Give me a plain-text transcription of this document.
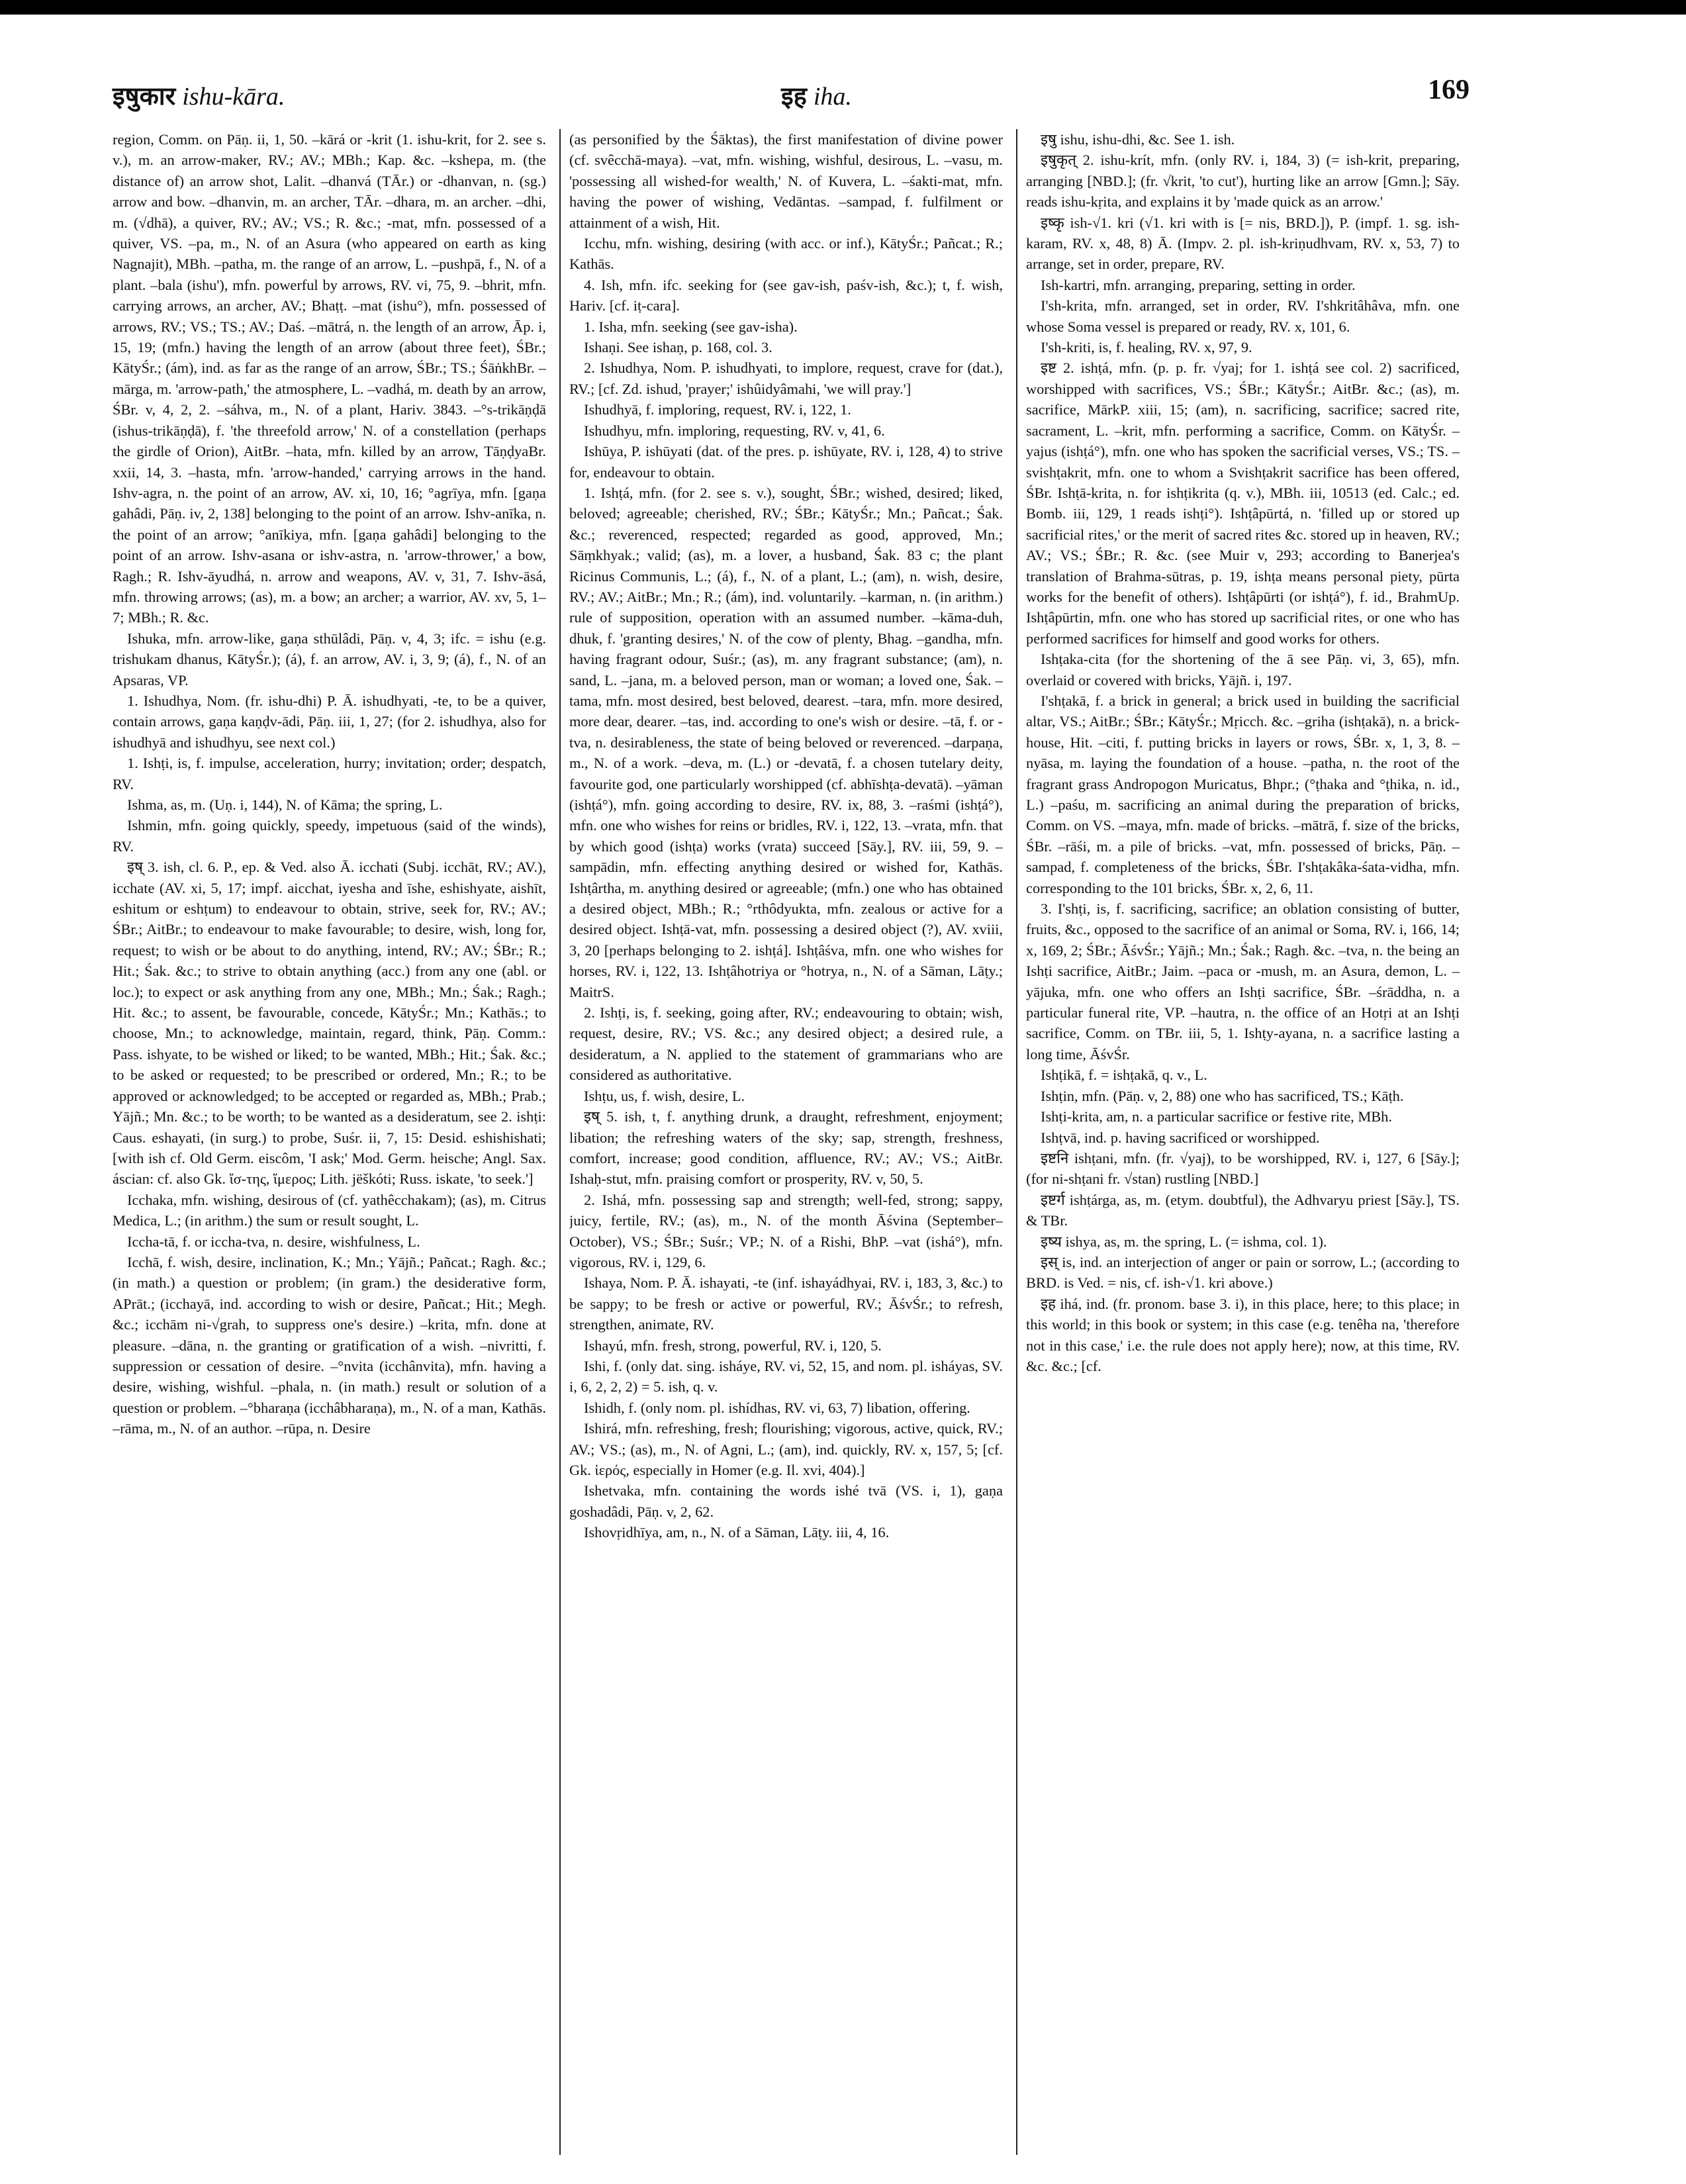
इषुकार ishu-kāra.	इह iha.	169

region, Comm. on Pāṇ. ii, 1, 50. –kārá or -krit (1. ishu-krit, for 2. see s. v.), m. an arrow-maker, RV.; AV.; MBh.; Kap. &c. –kshepa, m. (the distance of) an arrow shot, Lalit. –dhanvá (TĀr.) or -dhanvan, n. (sg.) arrow and bow. –dhanvin, m. an archer, TĀr. –dhara, m. an archer. –dhi, m. (√dhā), a quiver, RV.; AV.; VS.; R. &c.; -mat, mfn. possessed of a quiver, VS. –pa, m., N. of an Asura (who appeared on earth as king Nagnajit), MBh. –patha, m. the range of an arrow, L. –pushpā, f., N. of a plant. –bala (ishu'), mfn. powerful by arrows, RV. vi, 75, 9. –bhrit, mfn. carrying arrows, an archer, AV.; Bhaṭṭ. –mat (ishu°), mfn. possessed of arrows, RV.; VS.; TS.; AV.; Daś. –mātrá, n. the length of an arrow, Āp. i, 15, 19; (mfn.) having the length of an arrow (about three feet), ŚBr.; KātyŚr.; (ám), ind. as far as the range of an arrow, ŚBr.; TS.; ŚāṅkhBr. –mārga, m. 'arrow-path,' the atmosphere, L. –vadhá, m. death by an arrow, ŚBr. v, 4, 2, 2. –sáhva, m., N. of a plant, Hariv. 3843. –°s-trikāṇḍā (ishus-trikāṇḍā), f. 'the threefold arrow,' N. of a constellation (perhaps the girdle of Orion), AitBr. –hata, mfn. killed by an arrow, TāṇḍyaBr. xxii, 14, 3. –hasta, mfn. 'arrow-handed,' carrying arrows in the hand. Ishv-agra, n. the point of an arrow, AV. xi, 10, 16; °agrīya, mfn. [gaṇa gahâdi, Pāṇ. iv, 2, 138] belonging to the point of an arrow. Ishv-anīka, n. the point of an arrow; °anīkiya, mfn. [gaṇa gahâdi] belonging to the point of an arrow. Ishv-asana or ishv-astra, n. 'arrow-thrower,' a bow, Ragh.; R. Ishv-āyudhá, n. arrow and weapons, AV. v, 31, 7. Ishv-āsá, mfn. throwing arrows; (as), m. a bow; an archer; a warrior, AV. xv, 5, 1–7; MBh.; R. &c.

Ishuka, mfn. arrow-like, gaṇa sthūlâdi, Pāṇ. v, 4, 3; ifc. = ishu (e.g. trishukam dhanus, KātyŚr.); (á), f. an arrow, AV. i, 3, 9; (á), f., N. of an Apsaras, VP.

1. Ishudhya, Nom. (fr. ishu-dhi) P. Ā. ishudhyati, -te, to be a quiver, contain arrows, gaṇa kaṇḍv-ādi, Pāṇ. iii, 1, 27; (for 2. ishudhya, also for ishudhyā and ishudhyu, see next col.)

1. Ishṭi, is, f. impulse, acceleration, hurry; invitation; order; despatch, RV.

Ishma, as, m. (Uṇ. i, 144), N. of Kāma; the spring, L.

Ishmin, mfn. going quickly, speedy, impetuous (said of the winds), RV.

इष् 3. ish, cl. 6. P., ep. & Ved. also Ā. icchati (Subj. icchāt, RV.; AV.), icchate (AV. xi, 5, 17; impf. aicchat, iyesha and īshe, eshishyate, aishīt, eshitum or eshṭum) to endeavour to obtain, strive, seek for, RV.; AV.; ŚBr.; AitBr.; to endeavour to make favourable; to desire, wish, long for, request; to wish or be about to do anything, intend, RV.; AV.; ŚBr.; R.; Hit.; Śak. &c.; to strive to obtain anything (acc.) from any one (abl. or loc.); to expect or ask anything from any one, MBh.; Mn.; Śak.; Ragh.; Hit. &c.; to assent, be favourable, concede, KātyŚr.; Mn.; Kathās.; to choose, Mn.; to acknowledge, maintain, regard, think, Pāṇ. Comm.: Pass. ishyate, to be wished or liked; to be wanted, MBh.; Hit.; Śak. &c.; to be asked or requested; to be prescribed or ordered, Mn.; R.; to be approved or acknowledged; to be accepted or regarded as, MBh.; Prab.; Yājñ.; Mn. &c.; to be worth; to be wanted as a desideratum, see 2. ishṭi: Caus. eshayati, (in surg.) to probe, Suśr. ii, 7, 15: Desid. eshishishati; [with ish cf. Old Germ. eiscôm, 'I ask;' Mod. Germ. heische; Angl. Sax. áscian: cf. also Gk. ἴσ-της, ἵμερος; Lith. jëškóti; Russ. iskate, 'to seek.']

Icchaka, mfn. wishing, desirous of (cf. yathêcchakam); (as), m. Citrus Medica, L.; (in arithm.) the sum or result sought, L.

Iccha-tā, f. or iccha-tva, n. desire, wishfulness, L.

Icchā, f. wish, desire, inclination, K.; Mn.; Yājñ.; Pañcat.; Ragh. &c.; (in math.) a question or problem; (in gram.) the desiderative form, APrāt.; (icchayā, ind. according to wish or desire, Pañcat.; Hit.; Megh. &c.; icchām ni-√grah, to suppress one's desire.) –krita, mfn. done at pleasure. –dāna, n. the granting or gratification of a wish. –nivritti, f. suppression or cessation of desire. –°nvita (icchânvita), mfn. having a desire, wishing, wishful. –phala, n. (in math.) result or solution of a question or problem. –°bharaṇa (icchâbharaṇa), m., N. of a man, Kathās. –rāma, m., N. of an author. –rūpa, n. Desire

(as personified by the Śāktas), the first manifestation of divine power (cf. svêcchā-maya). –vat, mfn. wishing, wishful, desirous, L. –vasu, m. 'possessing all wished-for wealth,' N. of Kuvera, L. –śakti-mat, mfn. having the power of wishing, Vedāntas. –sampad, f. fulfilment or attainment of a wish, Hit.

Icchu, mfn. wishing, desiring (with acc. or inf.), KātyŚr.; Pañcat.; R.; Kathās.

4. Ish, mfn. ifc. seeking for (see gav-ish, paśv-ish, &c.); t, f. wish, Hariv. [cf. iṭ-cara].

1. Isha, mfn. seeking (see gav-isha).

Ishaṇi. See ishaṇ, p. 168, col. 3.

2. Ishudhya, Nom. P. ishudhyati, to implore, request, crave for (dat.), RV.; [cf. Zd. ishud, 'prayer;' ishûidyâmahi, 'we will pray.']

Ishudhyā, f. imploring, request, RV. i, 122, 1.

Ishudhyu, mfn. imploring, requesting, RV. v, 41, 6.

Ishūya, P. ishūyati (dat. of the pres. p. ishūyate, RV. i, 128, 4) to strive for, endeavour to obtain.

1. Ishṭá, mfn. (for 2. see s. v.), sought, ŚBr.; wished, desired; liked, beloved; agreeable; cherished, RV.; ŚBr.; KātyŚr.; Mn.; Pañcat.; Śak. &c.; reverenced, respected; regarded as good, approved, Mn.; Sāṃkhyak.; valid; (as), m. a lover, a husband, Śak. 83 c; the plant Ricinus Communis, L.; (á), f., N. of a plant, L.; (am), n. wish, desire, RV.; AV.; AitBr.; Mn.; R.; (ám), ind. voluntarily. –karman, n. (in arithm.) rule of supposition, operation with an assumed number. –kāma-duh, dhuk, f. 'granting desires,' N. of the cow of plenty, Bhag. –gandha, mfn. having fragrant odour, Suśr.; (as), m. any fragrant substance; (am), n. sand, L. –jana, m. a beloved person, man or woman; a loved one, Śak. –tama, mfn. most desired, best beloved, dearest. –tara, mfn. more desired, more dear, dearer. –tas, ind. according to one's wish or desire. –tā, f. or -tva, n. desirableness, the state of being beloved or reverenced. –darpaṇa, m., N. of a work. –deva, m. (L.) or -devatā, f. a chosen tutelary deity, favourite god, one particularly worshipped (cf. abhīshṭa-devatā). –yāman (ishṭá°), mfn. going according to desire, RV. ix, 88, 3. –raśmi (ishṭá°), mfn. one who wishes for reins or bridles, RV. i, 122, 13. –vrata, mfn. that by which good (ishṭa) works (vrata) succeed [Sāy.], RV. iii, 59, 9. –sampādin, mfn. effecting anything desired or wished for, Kathās. Ishṭârtha, m. anything desired or agreeable; (mfn.) one who has obtained a desired object, MBh.; R.; °rthôdyukta, mfn. zealous or active for a desired object. Ishṭā-vat, mfn. possessing a desired object (?), AV. xviii, 3, 20 [perhaps belonging to 2. ishṭá]. Ishṭâśva, mfn. one who wishes for horses, RV. i, 122, 13. Ishṭâhotriya or °hotrya, n., N. of a Sāman, Lāṭy.; MaitrS.

2. Ishṭi, is, f. seeking, going after, RV.; endeavouring to obtain; wish, request, desire, RV.; VS. &c.; any desired object; a desired rule, a desideratum, a N. applied to the statement of grammarians who are considered as authoritative.

Ishṭu, us, f. wish, desire, L.

इष् 5. ish, t, f. anything drunk, a draught, refreshment, enjoyment; libation; the refreshing waters of the sky; sap, strength, freshness, comfort, increase; good condition, affluence, RV.; AV.; VS.; AitBr. Ishaḥ-stut, mfn. praising comfort or prosperity, RV. v, 50, 5.

2. Ishá, mfn. possessing sap and strength; well-fed, strong; sappy, juicy, fertile, RV.; (as), m., N. of the month Āśvina (September–October), VS.; ŚBr.; Suśr.; VP.; N. of a Rishi, BhP. –vat (ishá°), mfn. vigorous, RV. i, 129, 6.

Ishaya, Nom. P. Ā. ishayati, -te (inf. ishayádhyai, RV. i, 183, 3, &c.) to be sappy; to be fresh or active or powerful, RV.; ĀśvŚr.; to refresh, strengthen, animate, RV.

Ishayú, mfn. fresh, strong, powerful, RV. i, 120, 5.

Ishi, f. (only dat. sing. isháye, RV. vi, 52, 15, and nom. pl. isháyas, SV. i, 6, 2, 2, 2) = 5. ish, q. v.

Ishidh, f. (only nom. pl. ishídhas, RV. vi, 63, 7) libation, offering.

Ishirá, mfn. refreshing, fresh; flourishing; vigorous, active, quick, RV.; AV.; VS.; (as), m., N. of Agni, L.; (am), ind. quickly, RV. x, 157, 5; [cf. Gk. ἱερός, especially in Homer (e.g. Il. xvi, 404).]

Ishetvaka, mfn. containing the words ishé tvā (VS. i, 1), gaṇa goshadâdi, Pāṇ. v, 2, 62.

Ishovṛidhīya, am, n., N. of a Sāman, Lāṭy. iii, 4, 16.

इषु ishu, ishu-dhi, &c. See 1. ish.

इषुकृत् 2. ishu-krít, mfn. (only RV. i, 184, 3) (= ish-krit, preparing, arranging [NBD.]; (fr. √krit, 'to cut'), hurting like an arrow [Gmn.]; Sāy. reads ishu-kṛita, and explains it by 'made quick as an arrow.'

इष्कृ ish-√1. kri (√1. kri with is [= nis, BRD.]), P. (impf. 1. sg. ish-karam, RV. x, 48, 8) Ā. (Impv. 2. pl. ish-kriṇudhvam, RV. x, 53, 7) to arrange, set in order, prepare, RV.

Ish-kartri, mfn. arranging, preparing, setting in order.

I'sh-krita, mfn. arranged, set in order, RV. I'shkritâhâva, mfn. one whose Soma vessel is prepared or ready, RV. x, 101, 6.

I'sh-kriti, is, f. healing, RV. x, 97, 9.

इष्ट 2. ishṭá, mfn. (p. p. fr. √yaj; for 1. ishṭá see col. 2) sacrificed, worshipped with sacrifices, VS.; ŚBr.; KātyŚr.; AitBr. &c.; (as), m. sacrifice, MārkP. xiii, 15; (am), n. sacrificing, sacrifice; sacred rite, sacrament, L. –krit, mfn. performing a sacrifice, Comm. on KātyŚr. –yajus (ishṭá°), mfn. one who has spoken the sacrificial verses, VS.; TS. –svishṭakrit, mfn. one to whom a Svishṭakrit sacrifice has been offered, ŚBr. Ishṭā-krita, n. for ishṭikrita (q. v.), MBh. iii, 10513 (ed. Calc.; ed. Bomb. iii, 129, 1 reads ishṭi°). Ishṭâpūrtá, n. 'filled up or stored up sacrificial rites,' or the merit of sacred rites &c. stored up in heaven, RV.; AV.; VS.; ŚBr.; R. &c. (see Muir v, 293; according to Banerjea's translation of Brahma-sūtras, p. 19, ishṭa means personal piety, pūrta works for the benefit of others). Ishṭâpūrti (or ishṭá°), f. id., BrahmUp. Ishṭâpūrtin, mfn. one who has stored up sacrificial rites, or one who has performed sacrifices for himself and good works for others.

Ishṭaka-cita (for the shortening of the ā see Pāṇ. vi, 3, 65), mfn. overlaid or covered with bricks, Yājñ. i, 197.

I'shṭakā, f. a brick in general; a brick used in building the sacrificial altar, VS.; AitBr.; ŚBr.; KātyŚr.; Mṛicch. &c. –griha (ishṭakā), n. a brick-house, Hit. –citi, f. putting bricks in layers or rows, ŚBr. x, 1, 3, 8. –nyāsa, m. laying the foundation of a house. –patha, n. the root of the fragrant grass Andropogon Muricatus, Bhpr.; (°ṭhaka and °ṭhika, n. id., L.) –paśu, m. sacrificing an animal during the preparation of bricks, Comm. on VS. –maya, mfn. made of bricks. –mātrā, f. size of the bricks, ŚBr. –rāśi, m. a pile of bricks. –vat, mfn. possessed of bricks, Pāṇ. –sampad, f. completeness of the bricks, ŚBr. I'shṭakâka-śata-vidha, mfn. corresponding to the 101 bricks, ŚBr. x, 2, 6, 11.

3. I'shṭi, is, f. sacrificing, sacrifice; an oblation consisting of butter, fruits, &c., opposed to the sacrifice of an animal or Soma, RV. i, 166, 14; x, 169, 2; ŚBr.; ĀśvŚr.; Yājñ.; Mn.; Śak.; Ragh. &c. –tva, n. the being an Ishṭi sacrifice, AitBr.; Jaim. –paca or -mush, m. an Asura, demon, L. –yājuka, mfn. one who offers an Ishṭi sacrifice, ŚBr. –śrāddha, n. a particular funeral rite, VP. –hautra, n. the office of an Hotṛi at an Ishṭi sacrifice, Comm. on TBr. iii, 5, 1. Ishṭy-ayana, n. a sacrifice lasting a long time, ĀśvŚr.

Ishṭikā, f. = ishṭakā, q. v., L.

Ishṭin, mfn. (Pāṇ. v, 2, 88) one who has sacrificed, TS.; Kāṭh.

Ishṭi-krita, am, n. a particular sacrifice or festive rite, MBh.

Ishṭvā, ind. p. having sacrificed or worshipped.

इष्टनि ishṭani, mfn. (fr. √yaj), to be worshipped, RV. i, 127, 6 [Sāy.]; (for ni-shṭani fr. √stan) rustling [NBD.]

इष्टर्ग ishṭárga, as, m. (etym. doubtful), the Adhvaryu priest [Sāy.], TS. & TBr.

इष्य ishya, as, m. the spring, L. (= ishma, col. 1).

इस् is, ind. an interjection of anger or pain or sorrow, L.; (according to BRD. is Ved. = nis, cf. ish-√1. kri above.)

इह ihá, ind. (fr. pronom. base 3. i), in this place, here; to this place; in this world; in this book or system; in this case (e.g. tenêha na, 'therefore not in this case,' i.e. the rule does not apply here); now, at this time, RV. &c. &c.; [cf.
